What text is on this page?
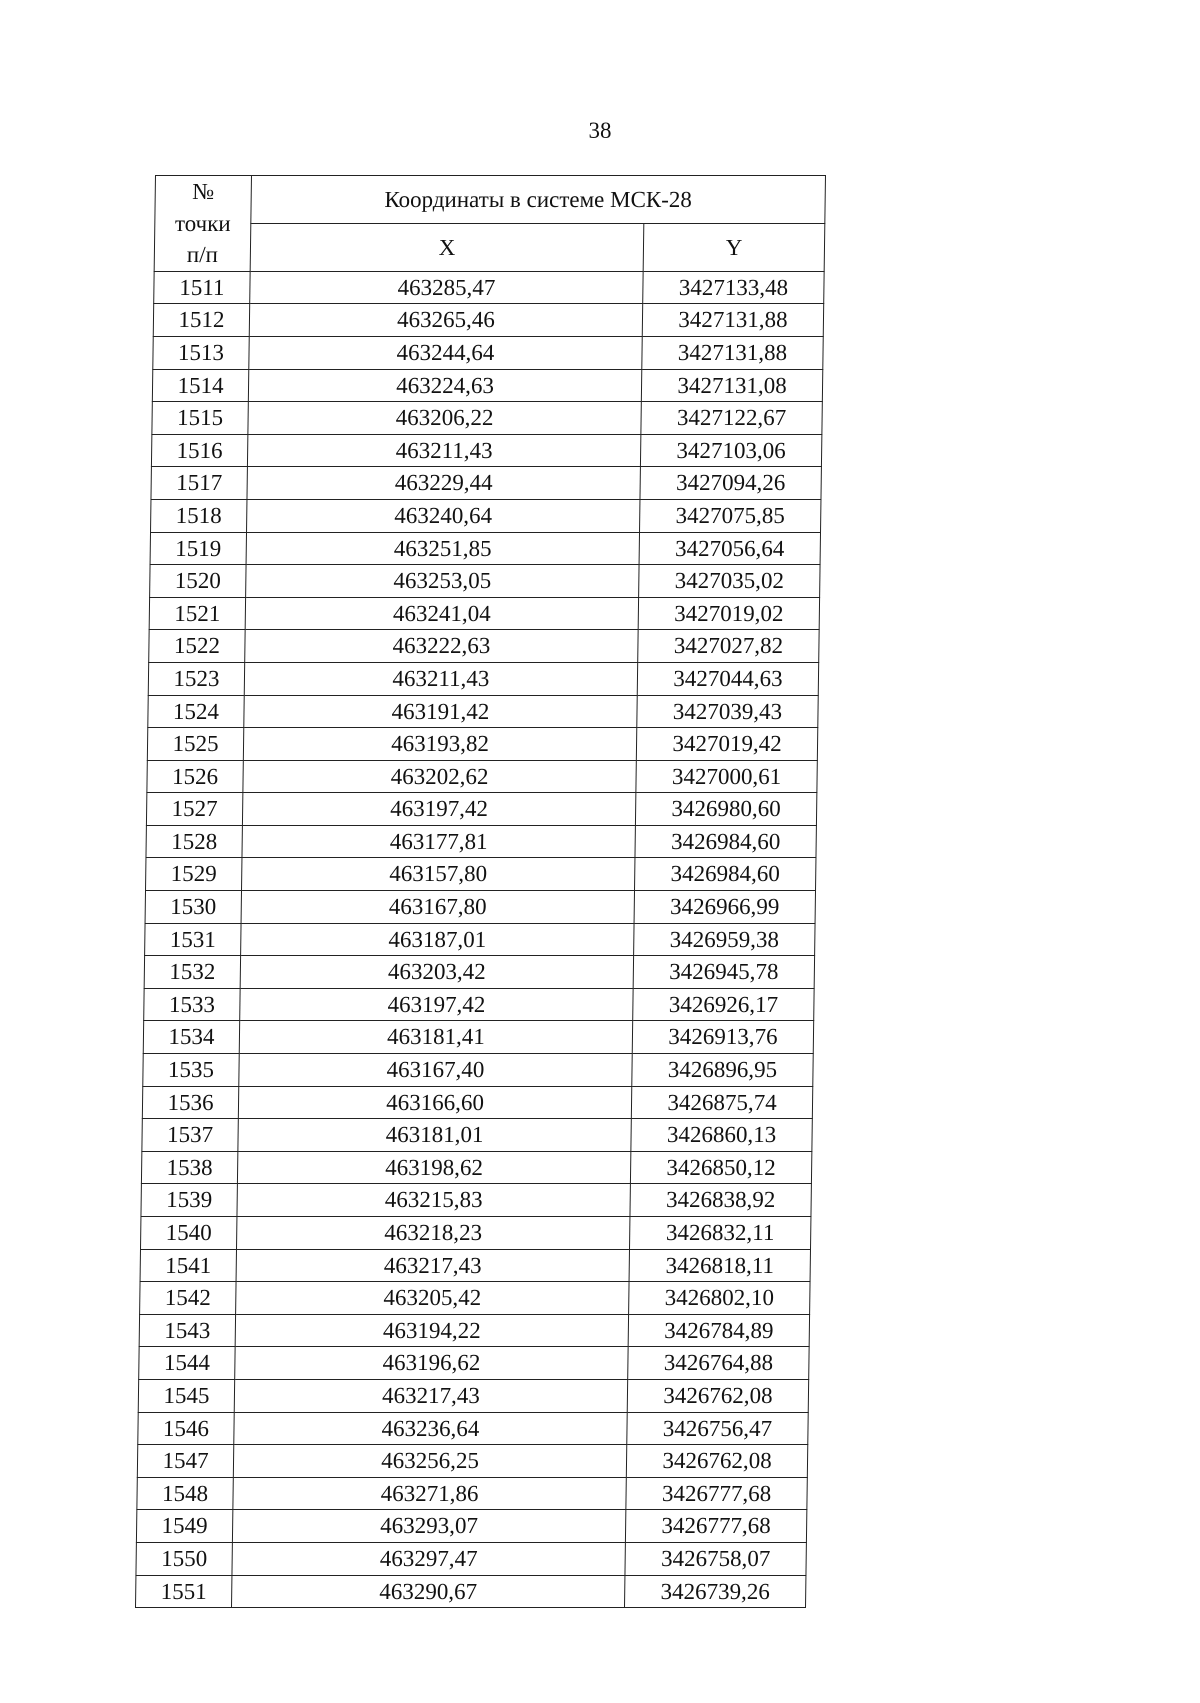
38
№
точки
п/п	Координаты в системе МСК-28	
	X	Y
1511	463285,47	3427133,48
1512	463265,46	3427131,88
1513	463244,64	3427131,88
1514	463224,63	3427131,08
1515	463206,22	3427122,67
1516	463211,43	3427103,06
1517	463229,44	3427094,26
1518	463240,64	3427075,85
1519	463251,85	3427056,64
1520	463253,05	3427035,02
1521	463241,04	3427019,02
1522	463222,63	3427027,82
1523	463211,43	3427044,63
1524	463191,42	3427039,43
1525	463193,82	3427019,42
1526	463202,62	3427000,61
1527	463197,42	3426980,60
1528	463177,81	3426984,60
1529	463157,80	3426984,60
1530	463167,80	3426966,99
1531	463187,01	3426959,38
1532	463203,42	3426945,78
1533	463197,42	3426926,17
1534	463181,41	3426913,76
1535	463167,40	3426896,95
1536	463166,60	3426875,74
1537	463181,01	3426860,13
1538	463198,62	3426850,12
1539	463215,83	3426838,92
1540	463218,23	3426832,11
1541	463217,43	3426818,11
1542	463205,42	3426802,10
1543	463194,22	3426784,89
1544	463196,62	3426764,88
1545	463217,43	3426762,08
1546	463236,64	3426756,47
1547	463256,25	3426762,08
1548	463271,86	3426777,68
1549	463293,07	3426777,68
1550	463297,47	3426758,07
1551	463290,67	3426739,26
